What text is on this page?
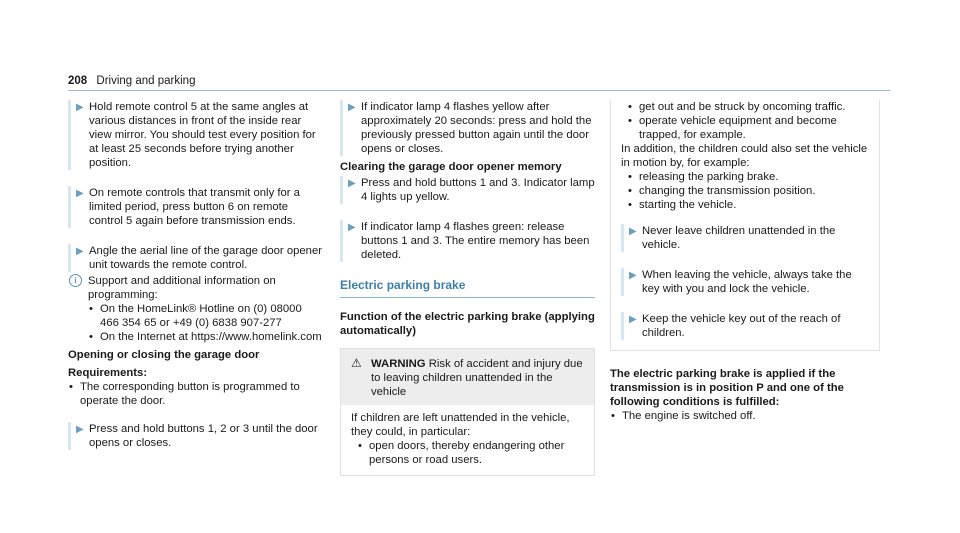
208 Driving and parking
▶ Hold remote control 5 at the same angles at various distances in front of the inside rear view mirror. You should test every position for at least 25 seconds before trying another position.
▶ On remote controls that transmit only for a limited period, press button 6 on remote control 5 again before transmission ends.
▶ Angle the aerial line of the garage door opener unit towards the remote control.
i	Support and additional information on programming:
• On the HomeLink® Hotline on (0) 08000 466 354 65 or +49 (0) 6838 907-277
• On the Internet at https://www.homelink.com
Opening or closing the garage door
Requirements:
• The corresponding button is programmed to operate the door.
▶ Press and hold buttons 1, 2 or 3 until the door opens or closes.
▶ If indicator lamp 4 flashes yellow after approximately 20 seconds: press and hold the previously pressed button again until the door opens or closes.
Clearing the garage door opener memory
▶ Press and hold buttons 1 and 3. Indicator lamp 4 lights up yellow.
▶ If indicator lamp 4 flashes green: release buttons 1 and 3. The entire memory has been deleted.
Electric parking brake
Function of the electric parking brake (applying automatically)
⚠ WARNING Risk of accident and injury due to leaving children unattended in the vehicle
If children are left unattended in the vehicle, they could, in particular:
• open doors, thereby endangering other persons or road users.
• get out and be struck by oncoming traffic.
• operate vehicle equipment and become trapped, for example.
In addition, the children could also set the vehicle in motion by, for example:
• releasing the parking brake.
• changing the transmission position.
• starting the vehicle.
▶ Never leave children unattended in the vehicle.
▶ When leaving the vehicle, always take the key with you and lock the vehicle.
▶ Keep the vehicle key out of the reach of children.
The electric parking brake is applied if the transmission is in position P and one of the following conditions is fulfilled:
• The engine is switched off.
